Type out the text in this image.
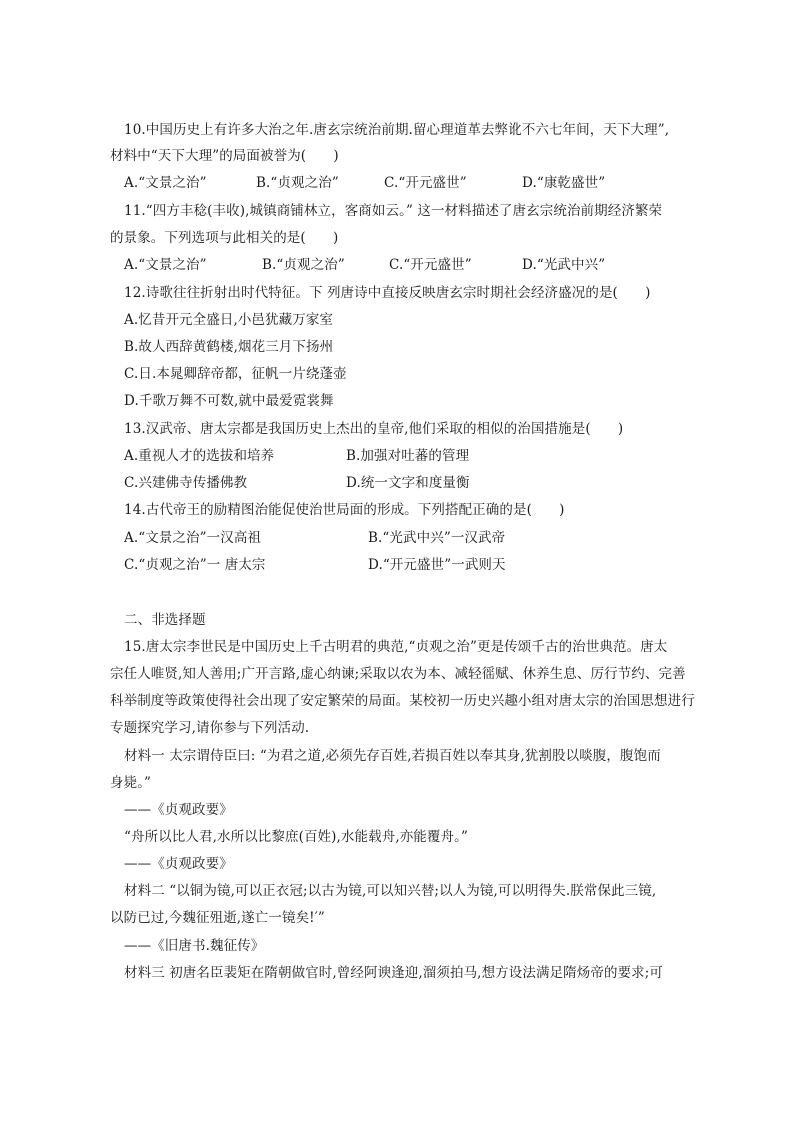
10.中国历史上有许多大治之年.唐玄宗统治前期.留心理道革去弊讹不六七年间，天下大理”,
材料中“天下大理”的局面被誉为(　　)
A.“文景之治”	B.“贞观之治”	C.“开元盛世”	D.“康乾盛世”
11.“四方丰稔(丰收),城镇商铺林立，客商如云。” 这一材料描述了唐玄宗统治前期经济繁荣
的景象。下列选项与此相关的是(　　)
A.“文景之治”	B.“贞观之治”	C.“开元盛世”	D.“光武中兴”
12.诗歌往往折射出时代特征。下 列唐诗中直接反映唐玄宗时期社会经济盛况的是(　　)
A.忆昔开元全盛日,小邑犹藏万家室
B.故人西辞黄鹤楼,烟花三月下扬州
C.日.本晁卿辞帝都，征帆一片绕蓬壶
D.千歌万舞不可数,就中最爱霓裳舞
13.汉武帝、唐太宗都是我国历史上杰出的皇帝,他们采取的相似的治国措施是(　　)
A.重视人才的选拔和培养	B.加强对吐蕃的管理
C.兴建佛寺传播佛教	D.统一文字和度量衡
14.古代帝王的励精图治能促使治世局面的形成。下列搭配正确的是(　　)
A.“文景之治”一汉高祖	B.“光武中兴”一汉武帝
C.“贞观之治”一 唐太宗	D.“开元盛世”一武则天
二、非选择题
15.唐太宗李世民是中国历史上千古明君的典范,“贞观之治”更是传颂千古的治世典范。唐太
宗任人唯贤,知人善用;广开言路,虚心纳谏;采取以农为本、减轻徭赋、休养生息、厉行节约、完善
科举制度等政策使得社会出现了安定繁荣的局面。某校初一历史兴趣小组对唐太宗的治国思想进行
专题探究学习,请你参与下列活动.
材料一 太宗谓侍臣曰: “为君之道,必须先存百姓,若损百姓以奉其身,犹割股以啖腹，腹饱而
身毙。”
——《贞观政要》
“舟所以比人君,水所以比黎庶(百姓),水能载舟,亦能覆舟。”
——《贞观政要》
材料二 “以铜为镜,可以正衣冠;以古为镜,可以知兴替;以人为镜,可以明得失.朕常保此三镜,
以防已过,今魏征殂逝,遂亡一镜矣!′”
——《旧唐书.魏征传》
材料三 初唐名臣裴矩在隋朝做官时,曾经阿谀逢迎,溜须拍马,想方设法满足隋炀帝的要求;可
